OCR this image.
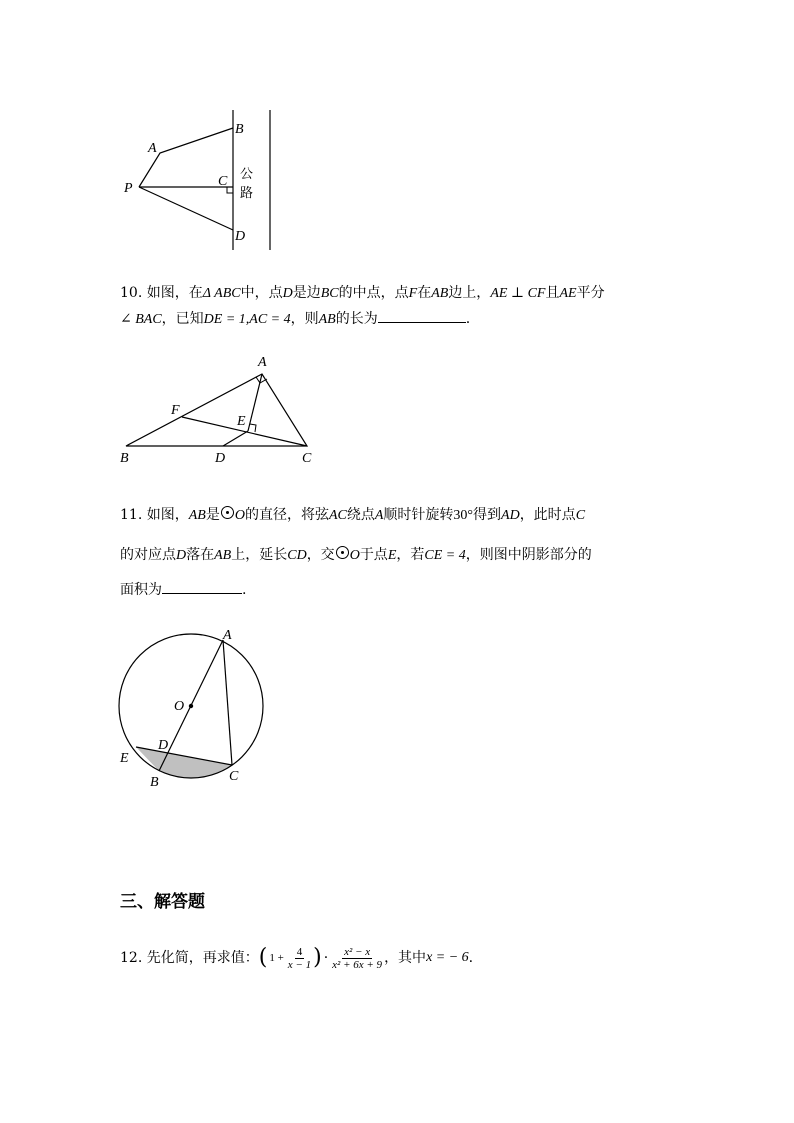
A
B
C
D
P
公
路
10. 如图，在Δ ABC中，点D是边BC的中点，点F在AB边上，AE ⊥ CF且AE平分
∠ BAC，已知DE = 1,AC = 4，则AB的长为	.
A
B	C
D
E
F
11. 如图，AB是 O的直径，将弦AC绕点A顺时针旋转30°得到AD，此时点C
的对应点D落在AB上，延长CD，交 O于点E，若CE = 4，则图中阴影部分的
面积为	.
A
O
D
E
B	C
三、解答题
12. 先化简，再求值： ( $1 + \frac{4}{x - 1}$ ) · $\frac{\text{x² − x}}{\text{x² + 6x + 9}}$ ，其中 x = − 6 .
